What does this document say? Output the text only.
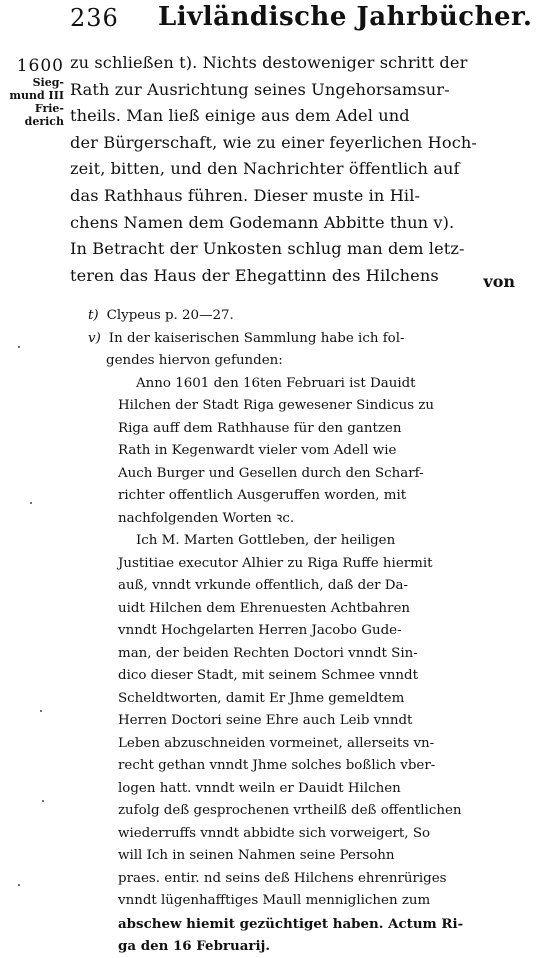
236 Livländische Jahrbücher.
1600
Sieg-
mund III
Frie-
derich
zu schließen t). Nichts destoweniger schritt der
Rath zur Ausrichtung seines Ungehorsamsur-
theils. Man ließ einige aus dem Adel und
der Bürgerschaft, wie zu einer feyerlichen Hoch-
zeit, bitten, und den Nachrichter öffentlich auf
das Rathhaus führen. Dieser muste in Hil-
chens Namen dem Godemann Abbitte thun v).
In Betracht der Unkosten schlug man dem letz-
teren das Haus der Ehegattinn des Hilchens	von
t) Clypeus p. 20—27.
v) In der kaiserischen Sammlung habe ich fol-
gendes hiervon gefunden:
Anno 1601 den 16ten Februari ist Dauidt
Hilchen der Stadt Riga gewesener Sindicus zu
Riga auff dem Rathhause für den gantzen
Rath in Kegenwardt vieler vom Adell wie
Auch Burger und Gesellen durch den Scharf-
richter offentlich Ausgeruffen worden, mit
nachfolgenden Worten ꝛc.
Ich M. Marten Gottleben, der heiligen
Justitiae executor Alhier zu Riga Ruffe hiermit
auß, vnndt vrkunde offentlich, daß der Da-
uidt Hilchen dem Ehrenuesten Achtbahren
vnndt Hochgelarten Herren Jacobo Gude-
man, der beiden Rechten Doctori vnndt Sin-
dico dieser Stadt, mit seinem Schmee vnndt
Scheldtworten, damit Er Jhme gemeldtem
Herren Doctori seine Ehre auch Leib vnndt
Leben abzuschneiden vormeinet, allerseits vn-
recht gethan vnndt Jhme solches boßlich vber-
logen hatt. vnndt weiln er Dauidt Hilchen
zufolg deß gesprochenen vrtheilß deß offentlichen
wiederruffs vnndt abbidte sich vorweigert, So
will Ich in seinen Nahmen seine Persohn
praes. entir. nd seins deß Hilchens ehrenrüriges
vnndt lügenhafftiges Maull menniglichen zum
abschew hiemit gezüchtiget haben. Actum Ri-
ga den 16 Februarij.
